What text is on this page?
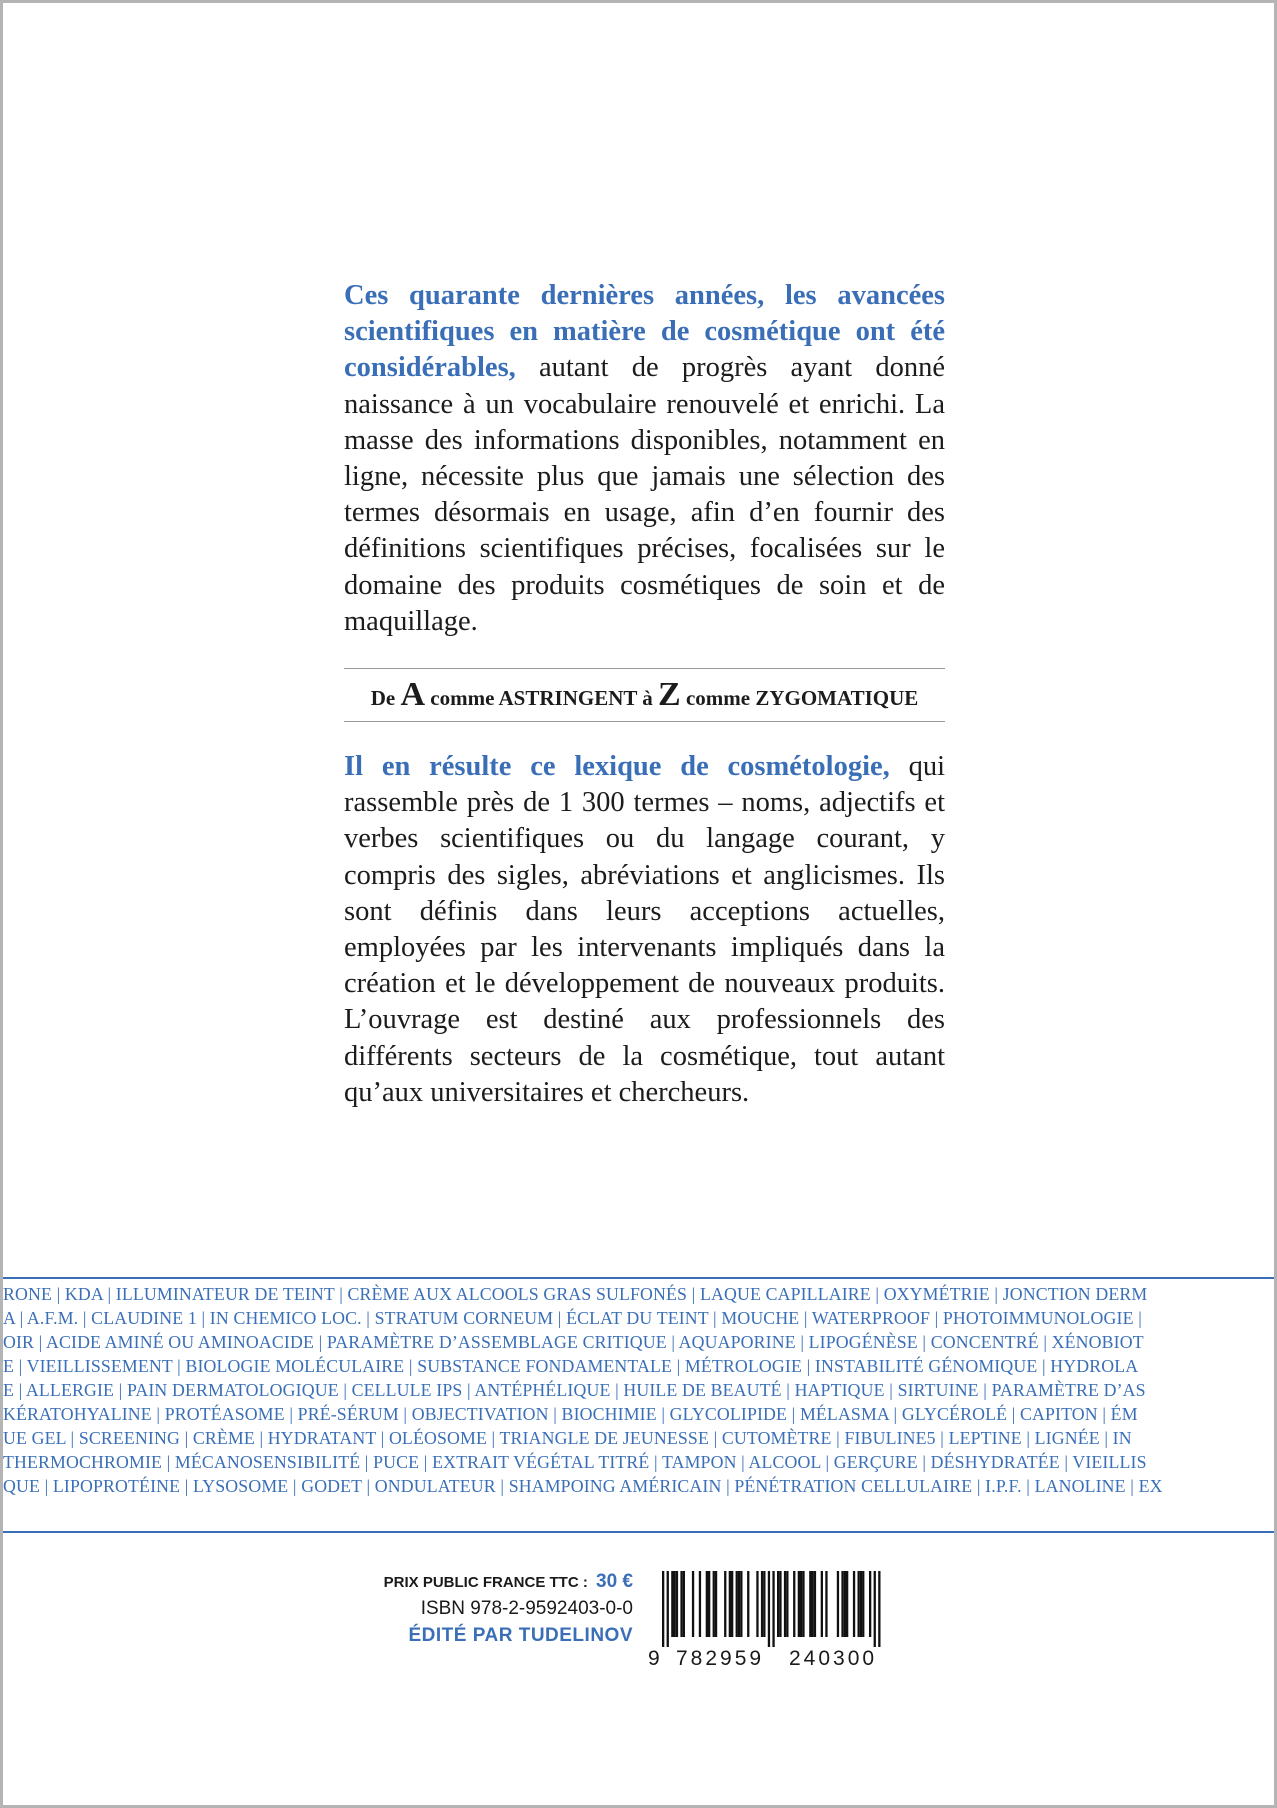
Ces quarante dernières années, les avancées scientifiques en matière de cosmétique ont été considérables, autant de progrès ayant donné naissance à un vocabulaire renouvelé et enrichi. La masse des informations disponibles, notamment en ligne, nécessite plus que jamais une sélection des termes désormais en usage, afin d’en fournir des définitions scientifiques précises, focalisées sur le domaine des produits cosmétiques de soin et de maquillage.
De A comme ASTRINGENT à Z comme ZYGOMATIQUE
Il en résulte ce lexique de cosmétologie, qui rassemble près de 1 300 termes – noms, adjectifs et verbes scientifiques ou du langage courant, y compris des sigles, abréviations et anglicismes. Ils sont définis dans leurs acceptions actuelles, employées par les intervenants impliqués dans la création et le développement de nouveaux produits. L’ouvrage est destiné aux professionnels des différents secteurs de la cosmétique, tout autant qu’aux universitaires et chercheurs.
RONE | KDA | ILLUMINATEUR DE TEINT | CRÈME AUX ALCOOLS GRAS SULFONÉS | LAQUE CAPILLAIRE | OXYMÉTRIE | JONCTION DERM
A | A.F.M. | CLAUDINE 1 | IN CHEMICO LOC. | STRATUM CORNEUM | ÉCLAT DU TEINT | MOUCHE | WATERPROOF | PHOTOIMMUNOLOGIE |
OIR | ACIDE AMINÉ OU AMINOACIDE | PARAMÈTRE D’ASSEMBLAGE CRITIQUE | AQUAPORINE | LIPOGÉNÈSE | CONCENTRÉ | XÉNOBIOT
E | VIEILLISSEMENT | BIOLOGIE MOLÉCULAIRE | SUBSTANCE FONDAMENTALE | MÉTROLOGIE | INSTABILITÉ GÉNOMIQUE | HYDROLA
E | ALLERGIE | PAIN DERMATOLOGIQUE | CELLULE IPS | ANTÉPHÉLIQUE | HUILE DE BEAUTÉ | HAPTIQUE | SIRTUINE | PARAMÈTRE D’AS
KÉRATOHYALINE | PROTÉASOME | PRÉ-SÉRUM | OBJECTIVATION | BIOCHIMIE | GLYCOLIPIDE | MÉLASMA | GLYCÉROLÉ | CAPITON | ÉM
UE GEL | SCREENING | CRÈME | HYDRATANT | OLÉOSOME | TRIANGLE DE JEUNESSE | CUTOMÈTRE | FIBULINE5 | LEPTINE | LIGNÉE | IN
THERMOCHROMIE | MÉCANOSENSIBILITÉ | PUCE | EXTRAIT VÉGÉTAL TITRÉ | TAMPON | ALCOOL | GERÇURE | DÉSHYDRATÉE | VIEILLIS
QUE | LIPOPROTÉINE | LYSOSOME | GODET | ONDULATEUR | SHAMPOING AMÉRICAIN | PÉNÉTRATION CELLULAIRE | I.P.F. | LANOLINE | EX
PRIX PUBLIC FRANCE TTC : 30 €
ISBN 978-2-9592403-0-0
ÉDITÉ PAR TUDELINOV
9 782959 240300
